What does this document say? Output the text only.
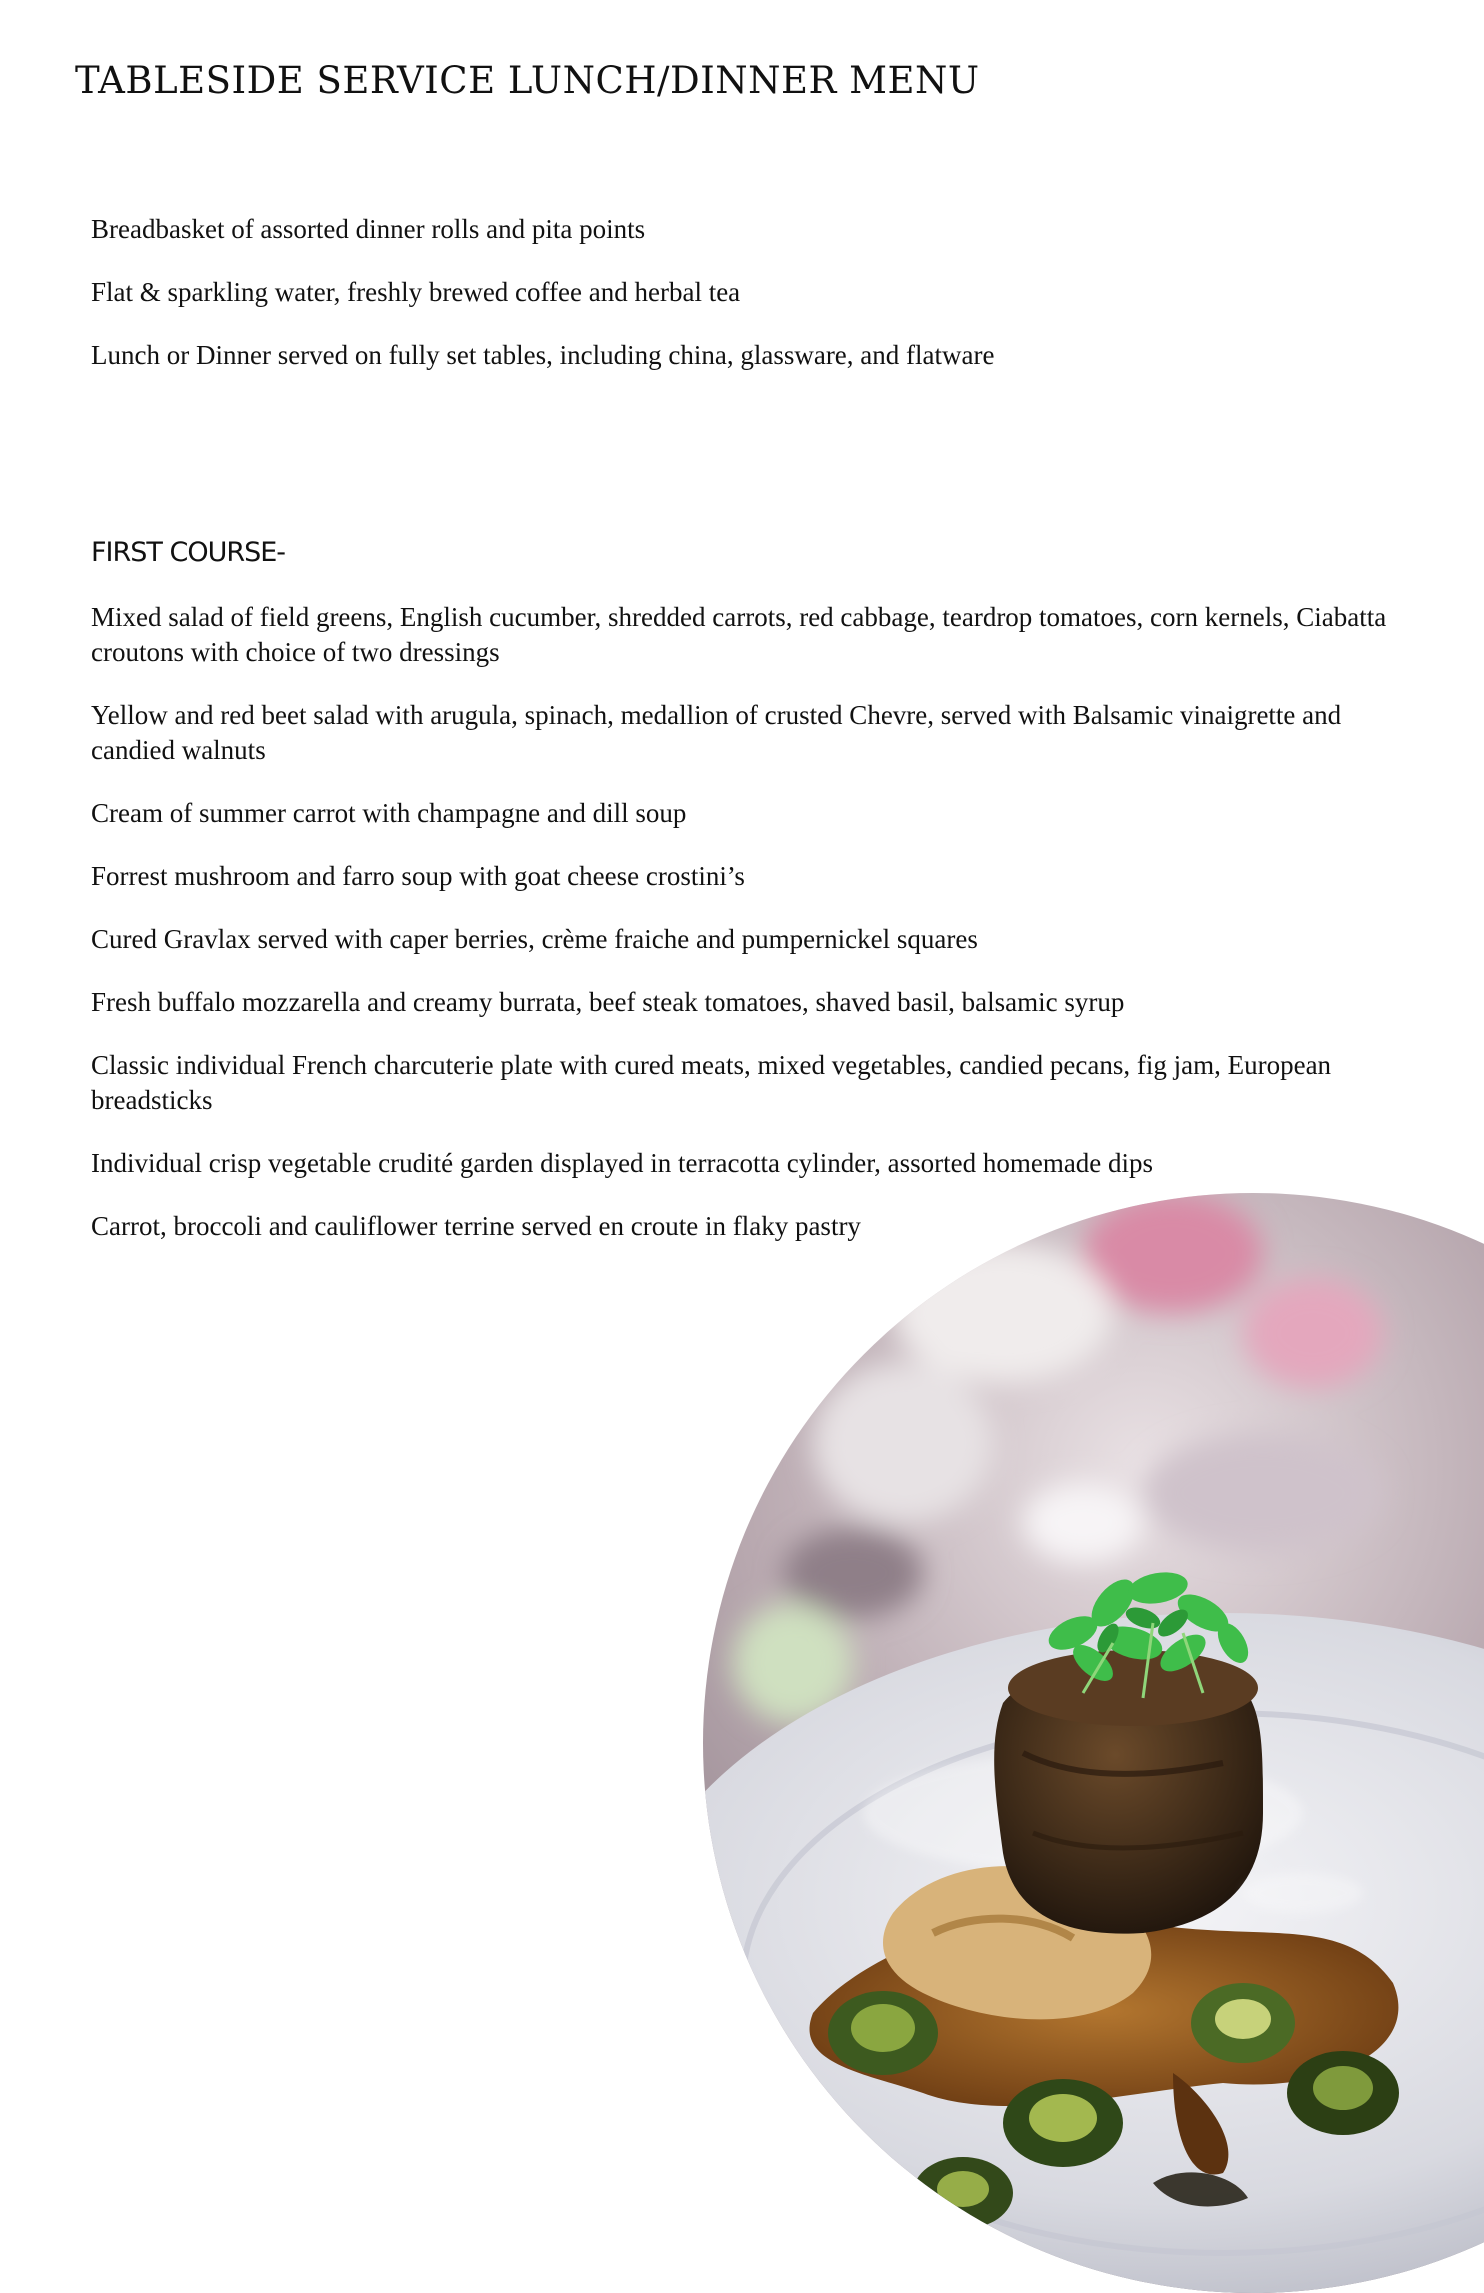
TABLESIDE SERVICE LUNCH/DINNER MENU
Breadbasket of assorted dinner rolls and pita points
Flat & sparkling water, freshly brewed coffee and herbal tea
Lunch or Dinner served on fully set tables, including china, glassware, and flatware
FIRST COURSE-
Mixed salad of field greens, English cucumber, shredded carrots, red cabbage, teardrop tomatoes, corn kernels, Ciabatta croutons with choice of two dressings
Yellow and red beet salad with arugula, spinach, medallion of crusted Chevre, served with Balsamic vinaigrette and candied walnuts
Cream of summer carrot with champagne and dill soup
Forrest mushroom and farro soup with goat cheese crostini’s
Cured Gravlax served with caper berries, crème fraiche and pumpernickel squares
Fresh buffalo mozzarella and creamy burrata, beef steak tomatoes, shaved basil, balsamic syrup
Classic individual French charcuterie plate with cured meats, mixed vegetables, candied pecans, fig jam, European breadsticks
Individual crisp vegetable crudité garden displayed in terracotta cylinder, assorted homemade dips
Carrot, broccoli and cauliflower terrine served en croute in flaky pastry
